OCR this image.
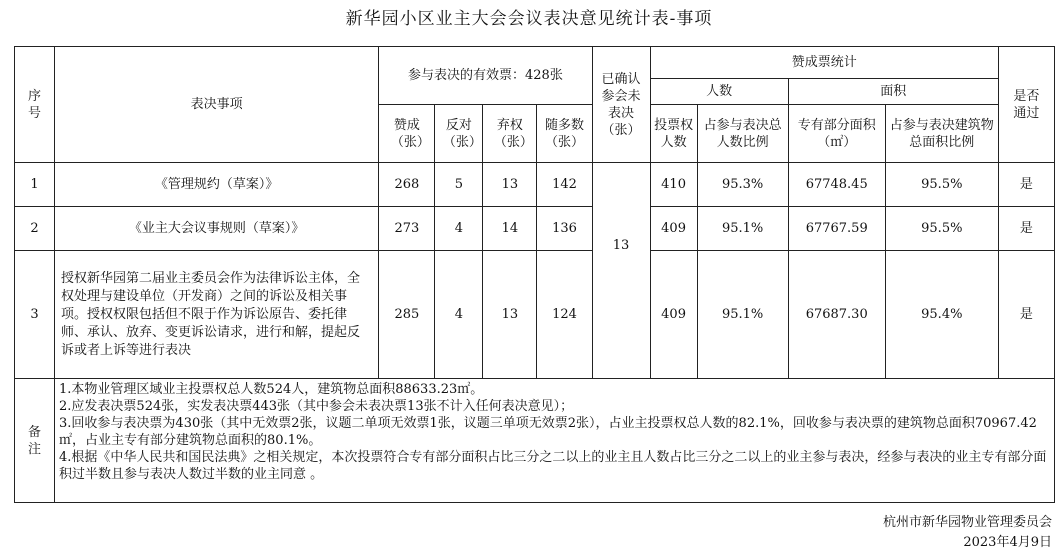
新华园小区业主大会会议表决意见统计表-事项
序号	表决事项	参与表决的有效票：428张				已确认参会未表决（张）	赞成票统计				是否通过

							人数		面积		

		赞成（张）	反对（张）	弃权（张）	随多数（张）		投票权人数	占参与表决总人数比例	专有部分面积（㎡）	占参与表决建筑物总面积比例	

1	《管理规约（草案）》	268	5	13	142	13	410	95.3%	67748.45	95.5%	是
2	《业主大会议事规则（草案）》	273	4	14	136		409	95.1%	67767.59	95.5%	是
3	授权新华园第二届业主委员会作为法律诉讼主体，全权处理与建设单位（开发商）之间的诉讼及相关事项。授权权限包括但不限于作为诉讼原告、委托律师、承认、放弃、变更诉讼请求，进行和解，提起反诉或者上诉等进行表决	285	4	13	124		409	95.1%	67687.30	95.4%	是

备注	1.本物业管理区域业主投票权总人数524人，建筑物总面积88633.23㎡。
2.应发表决票524张，实发表决票443张（其中参会未表决票13张不计入任何表决意见）；
3.回收参与表决票为430张（其中无效票2张，议题二单项无效票1张，议题三单项无效票2张），占业主投票权总人数的82.1%，回收参与表决票的建筑物总面积70967.42㎡，占业主专有部分建筑物总面积的80.1%。
4.根据《中华人民共和国民法典》之相关规定，本次投票符合专有部分面积占比三分之二以上的业主且人数占比三分之二以上的业主参与表决，经参与表决的业主专有部分面积过半数且参与表决人数过半数的业主同意 。										
杭州市新华园物业管理委员会
2023年4月9日
